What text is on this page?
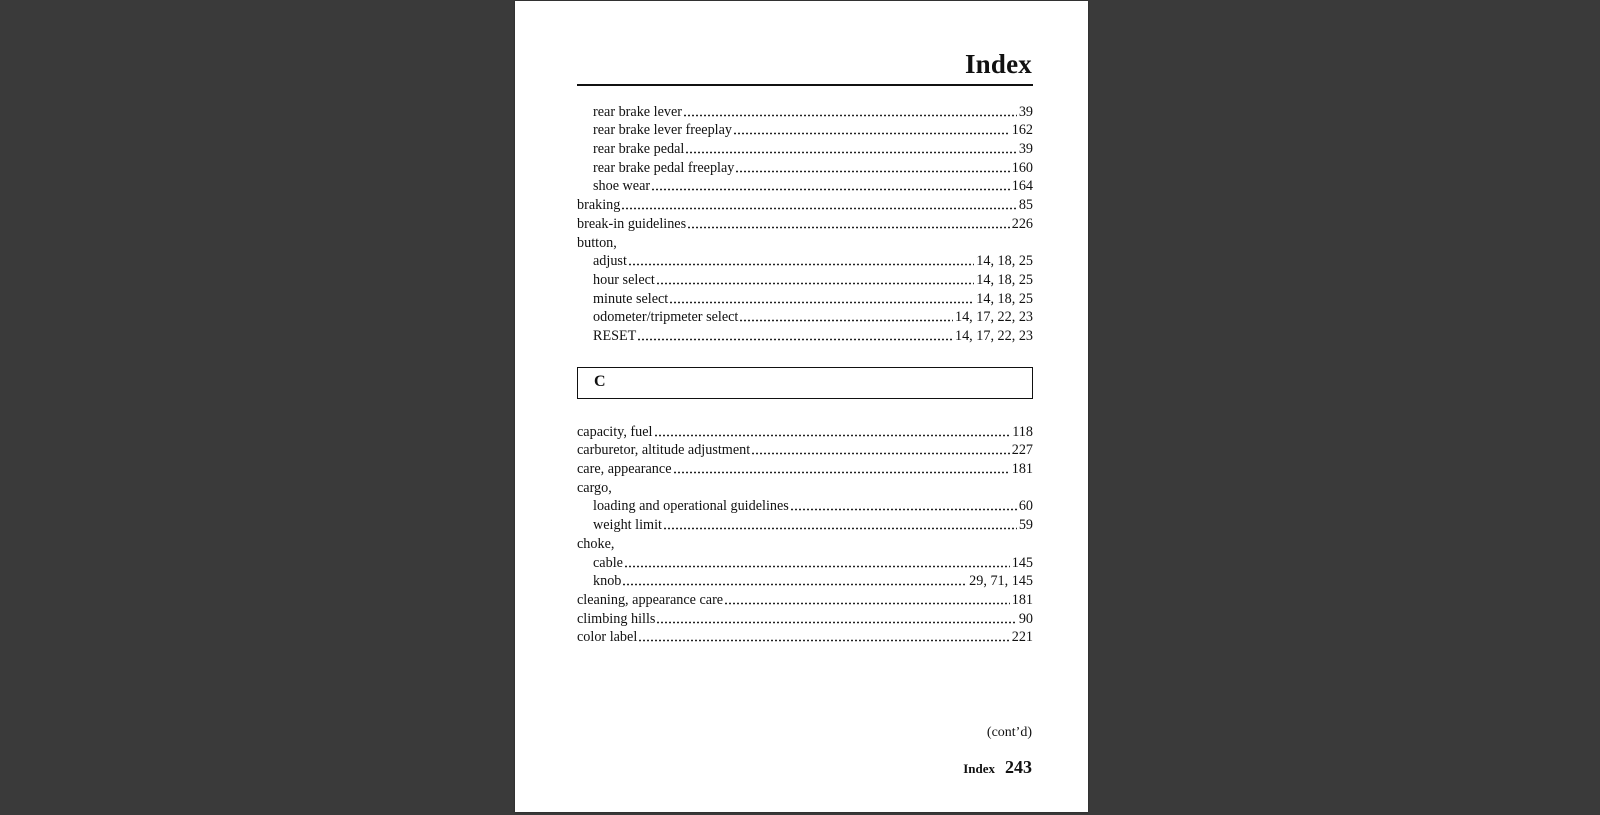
Index
rear brake lever	39
rear brake lever freeplay	162
rear brake pedal	39
rear brake pedal freeplay	160
shoe wear	164
braking	85
break-in guidelines	226
button,
adjust	14, 18, 25
hour select	14, 18, 25
minute select	14, 18, 25
odometer/tripmeter select	14, 17, 22, 23
RESET	14, 17, 22, 23
C
capacity, fuel	118
carburetor, altitude adjustment	227
care, appearance	181
cargo,
loading and operational guidelines	60
weight limit	59
choke,
cable	145
knob	29, 71, 145
cleaning, appearance care	181
climbing hills	90
color label	221
(cont’d)
Index 243
